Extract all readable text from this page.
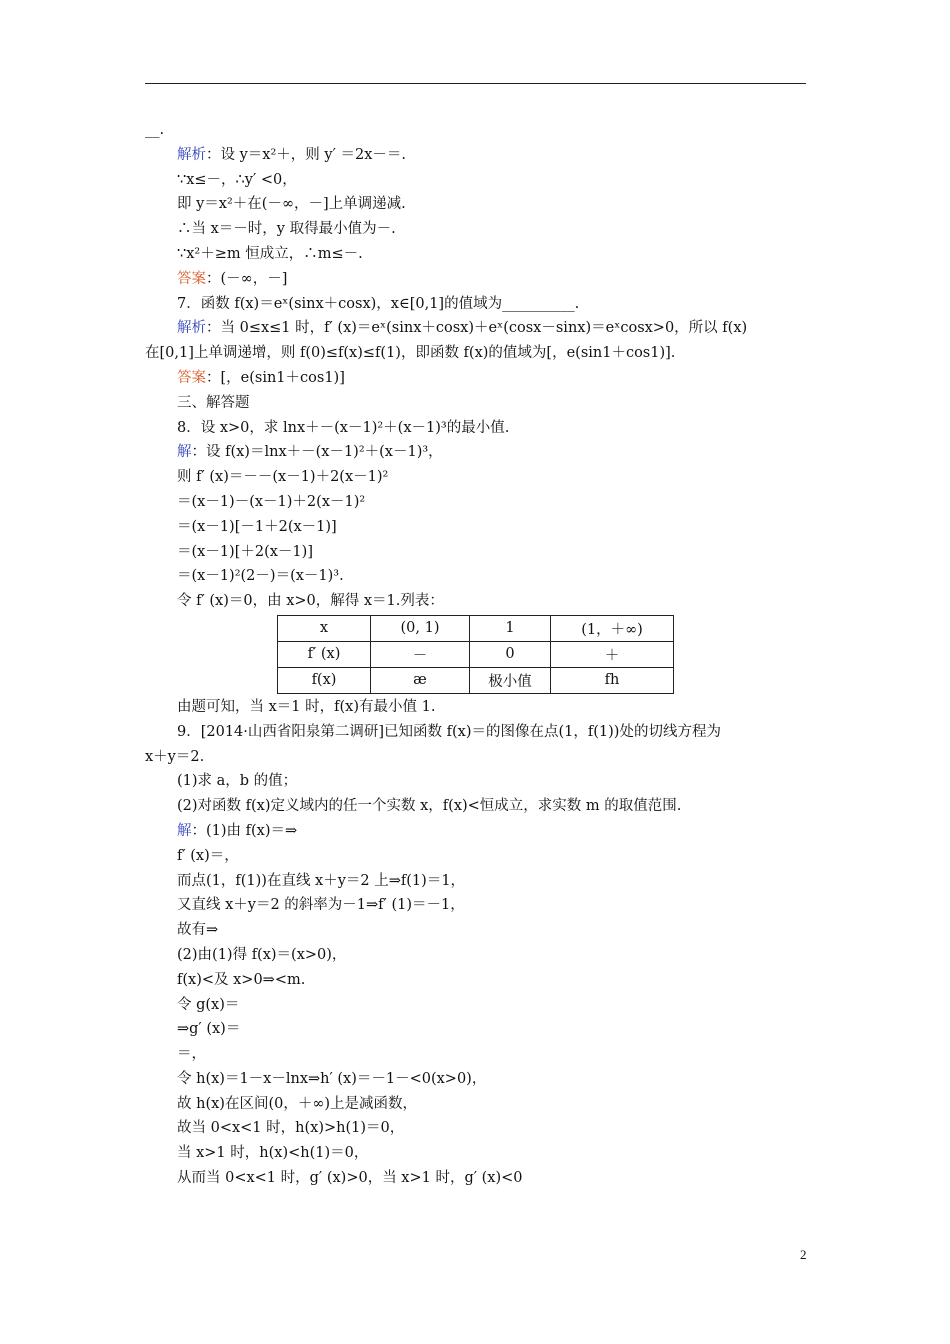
__.
解析：设 y＝x²＋，则 y′ ＝2x－＝.
∵x≤－，∴y′ <0，
即 y＝x²＋在(－∞，－]上单调递减.
∴当 x＝－时，y 取得最小值为－.
∵x²＋≥m 恒成立，∴m≤－.
答案：(－∞，－]
7．函数 f(x)＝eˣ(sinx＋cosx)，x∈[0,1]的值域为__________.
解析：当 0≤x≤1 时，f′ (x)＝eˣ(sinx＋cosx)＋eˣ(cosx－sinx)＝eˣcosx>0，所以 f(x)
在[0,1]上单调递增，则 f(0)≤f(x)≤f(1)，即函数 f(x)的值域为[，e(sin1＋cos1)].
答案：[，e(sin1＋cos1)]
三、解答题
8．设 x>0，求 lnx＋－(x－1)²＋(x－1)³的最小值.
解：设 f(x)＝lnx＋－(x－1)²＋(x－1)³，
则 f′ (x)＝－－(x－1)＋2(x－1)²
＝(x－1)－(x－1)＋2(x－1)²
＝(x－1)[－1＋2(x－1)]
＝(x－1)[＋2(x－1)]
＝(x－1)²(2－)＝(x－1)³.
令 f′ (x)＝0，由 x>0，解得 x＝1.列表：
x	(0, 1)	1	(1，＋∞)
f′ (x)	－	0	＋
f(x)	æ	极小值	fh
由题可知，当 x＝1 时，f(x)有最小值 1.
9．[2014·山西省阳泉第二调研]已知函数 f(x)＝的图像在点(1，f(1))处的切线方程为
x＋y＝2.
(1)求 a，b 的值；
(2)对函数 f(x)定义域内的任一个实数 x，f(x)<恒成立，求实数 m 的取值范围.
解：(1)由 f(x)＝⇒
f′ (x)＝，
而点(1，f(1))在直线 x＋y＝2 上⇒f(1)＝1，
又直线 x＋y＝2 的斜率为－1⇒f′ (1)＝－1，
故有⇒
(2)由(1)得 f(x)＝(x>0)，
f(x)<及 x>0⇒<m.
令 g(x)＝
⇒g′ (x)＝
＝，
令 h(x)＝1－x－lnx⇒h′ (x)＝－1－<0(x>0)，
故 h(x)在区间(0，＋∞)上是减函数，
故当 0<x<1 时，h(x)>h(1)＝0，
当 x>1 时，h(x)<h(1)＝0，
从而当 0<x<1 时，g′ (x)>0，当 x>1 时，g′ (x)<0
2
